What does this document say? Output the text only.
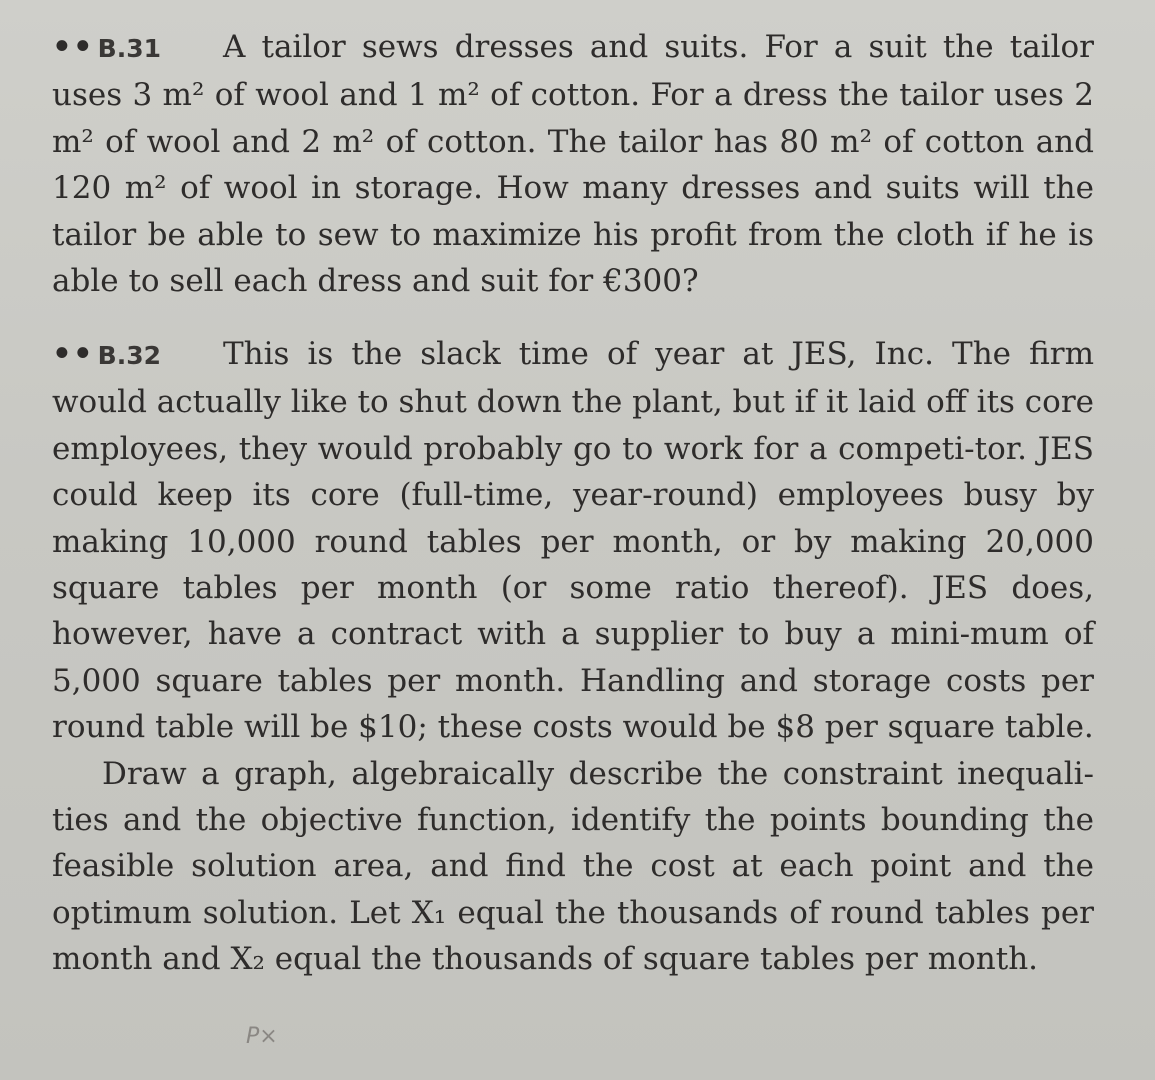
•• B.31 A tailor sews dresses and suits. For a suit the tailor uses 3 m² of wool and 1 m² of cotton. For a dress the tailor uses 2 m² of wool and 2 m² of cotton. The tailor has 80 m² of cotton and 120 m² of wool in storage. How many dresses and suits will the tailor be able to sew to maximize his profit from the cloth if he is able to sell each dress and suit for €300?

•• B.32 This is the slack time of year at JES, Inc. The firm would actually like to shut down the plant, but if it laid off its core employees, they would probably go to work for a competi-tor. JES could keep its core (full-time, year-round) employees busy by making 10,000 round tables per month, or by making 20,000 square tables per month (or some ratio thereof). JES does, however, have a contract with a supplier to buy a mini-mum of 5,000 square tables per month. Handling and storage costs per round table will be $10; these costs would be $8 per square table.

Draw a graph, algebraically describe the constraint inequali-ties and the objective function, identify the points bounding the feasible solution area, and find the cost at each point and the optimum solution. Let X₁ equal the thousands of round tables per month and X₂ equal the thousands of square tables per month.

P×
